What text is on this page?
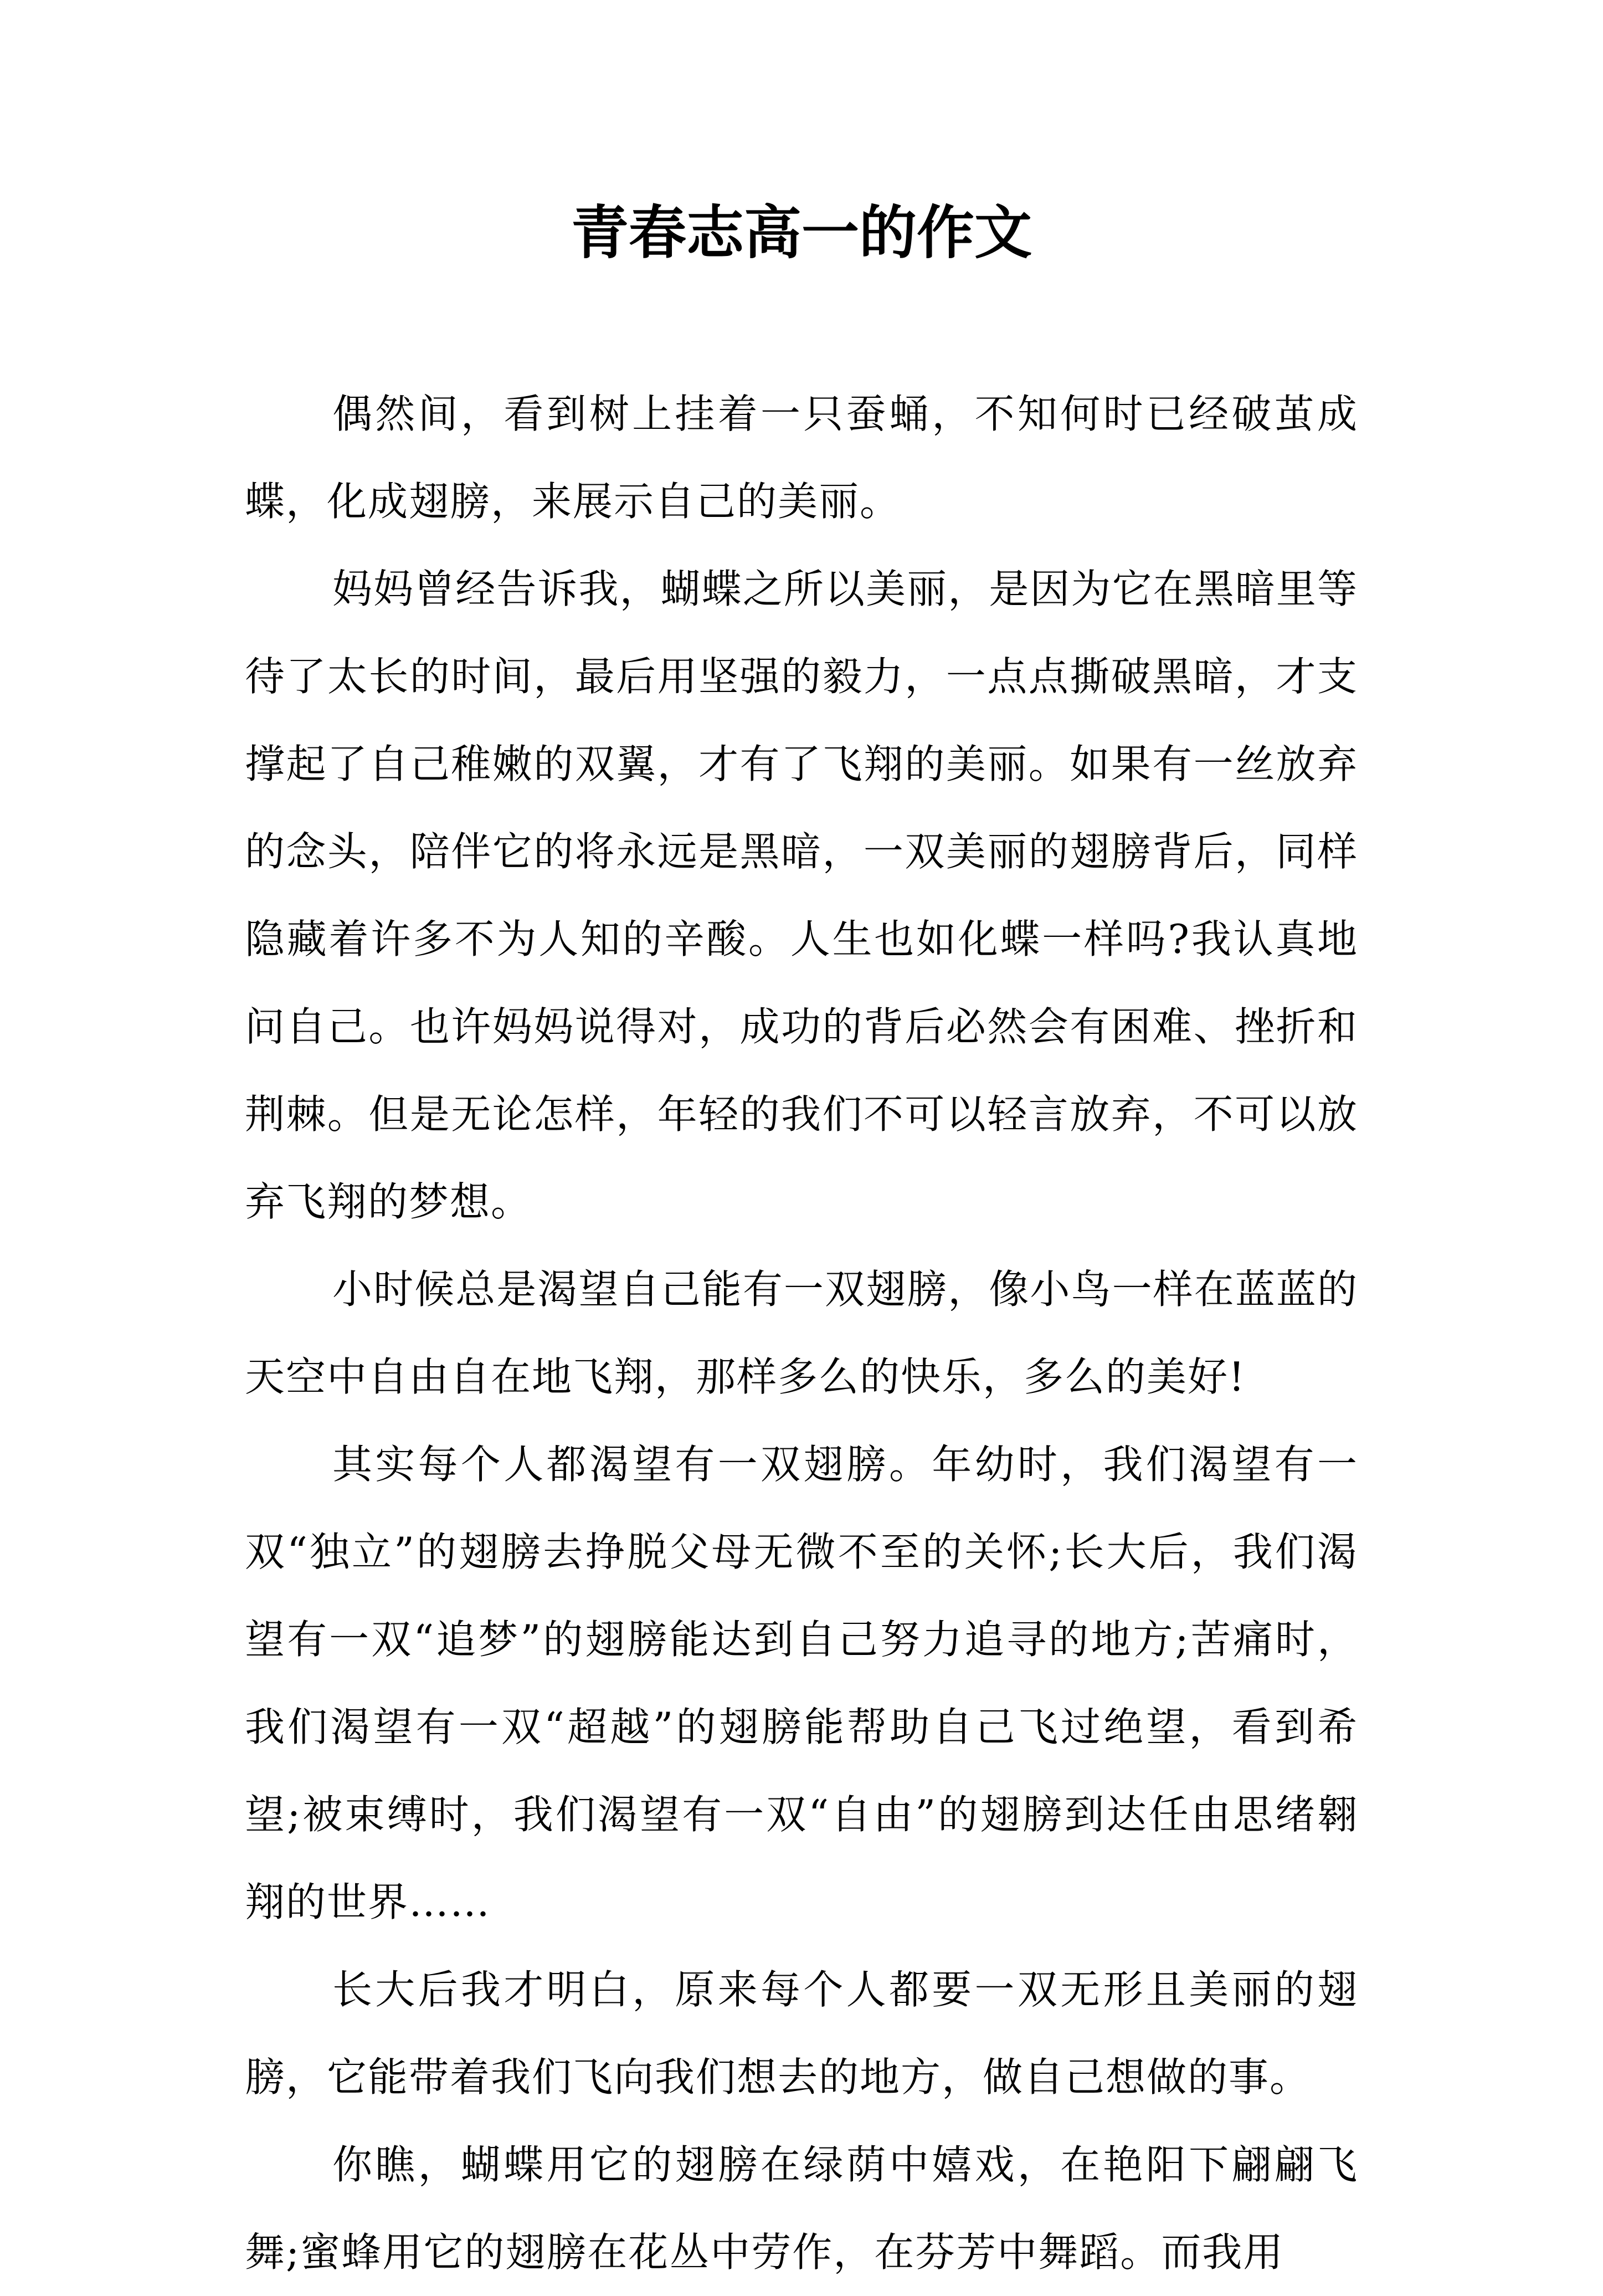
青春志高一的作文

偶然间，看到树上挂着一只蚕蛹，不知何时已经破茧成蝶，化成翅膀，来展示自己的美丽。

妈妈曾经告诉我，蝴蝶之所以美丽，是因为它在黑暗里等待了太长的时间，最后用坚强的毅力，一点点撕破黑暗，才支撑起了自己稚嫩的双翼，才有了飞翔的美丽。如果有一丝放弃的念头，陪伴它的将永远是黑暗，一双美丽的翅膀背后，同样隐藏着许多不为人知的辛酸。人生也如化蝶一样吗?我认真地问自己。也许妈妈说得对，成功的背后必然会有困难、挫折和荆棘。但是无论怎样，年轻的我们不可以轻言放弃，不可以放弃飞翔的梦想。

小时候总是渴望自己能有一双翅膀，像小鸟一样在蓝蓝的天空中自由自在地飞翔，那样多么的快乐，多么的美好!

其实每个人都渴望有一双翅膀。年幼时，我们渴望有一双“独立”的翅膀去挣脱父母无微不至的关怀;长大后，我们渴望有一双“追梦”的翅膀能达到自己努力追寻的地方;苦痛时，我们渴望有一双“超越”的翅膀能帮助自己飞过绝望，看到希望;被束缚时，我们渴望有一双“自由”的翅膀到达任由思绪翱翔的世界……

长大后我才明白，原来每个人都要一双无形且美丽的翅膀，它能带着我们飞向我们想去的地方，做自己想做的事。

你瞧，蝴蝶用它的翅膀在绿荫中嬉戏，在艳阳下翩翩飞舞;蜜蜂用它的翅膀在花丛中劳作，在芬芳中舞蹈。而我用
